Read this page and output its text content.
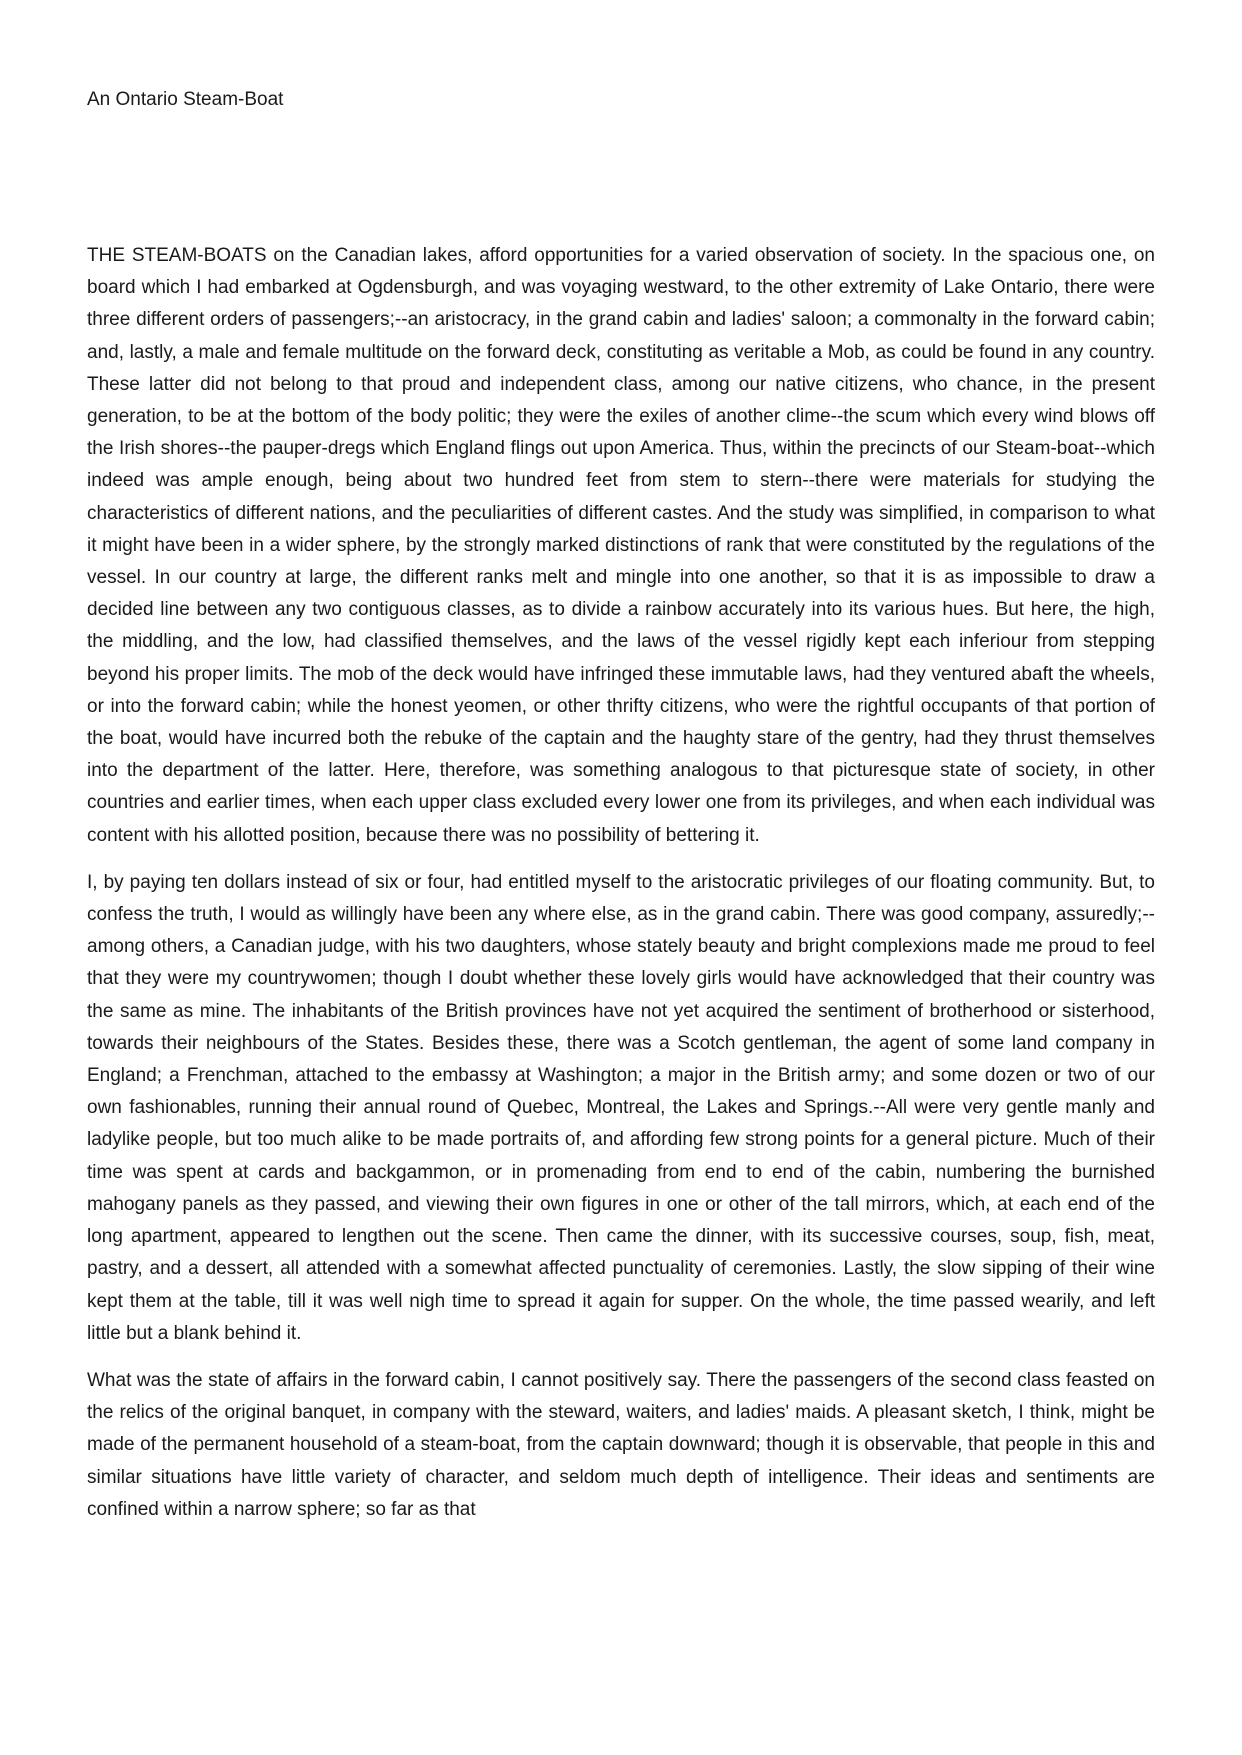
An Ontario Steam-Boat

THE STEAM-BOATS on the Canadian lakes, afford opportunities for a varied observation of society. In the spacious one, on board which I had embarked at Ogdensburgh, and was voyaging westward, to the other extremity of Lake Ontario, there were three different orders of passengers;--an aristocracy, in the grand cabin and ladies' saloon; a commonalty in the forward cabin; and, lastly, a male and female multitude on the forward deck, constituting as veritable a Mob, as could be found in any country. These latter did not belong to that proud and independent class, among our native citizens, who chance, in the present generation, to be at the bottom of the body politic; they were the exiles of another clime--the scum which every wind blows off the Irish shores--the pauper-dregs which England flings out upon America. Thus, within the precincts of our Steam-boat--which indeed was ample enough, being about two hundred feet from stem to stern--there were materials for studying the characteristics of different nations, and the peculiarities of different castes. And the study was simplified, in comparison to what it might have been in a wider sphere, by the strongly marked distinctions of rank that were constituted by the regulations of the vessel. In our country at large, the different ranks melt and mingle into one another, so that it is as impossible to draw a decided line between any two contiguous classes, as to divide a rainbow accurately into its various hues. But here, the high, the middling, and the low, had classified themselves, and the laws of the vessel rigidly kept each inferiour from stepping beyond his proper limits. The mob of the deck would have infringed these immutable laws, had they ventured abaft the wheels, or into the forward cabin; while the honest yeomen, or other thrifty citizens, who were the rightful occupants of that portion of the boat, would have incurred both the rebuke of the captain and the haughty stare of the gentry, had they thrust themselves into the department of the latter. Here, therefore, was something analogous to that picturesque state of society, in other countries and earlier times, when each upper class excluded every lower one from its privileges, and when each individual was content with his allotted position, because there was no possibility of bettering it.

I, by paying ten dollars instead of six or four, had entitled myself to the aristocratic privileges of our floating community. But, to confess the truth, I would as willingly have been any where else, as in the grand cabin. There was good company, assuredly;--among others, a Canadian judge, with his two daughters, whose stately beauty and bright complexions made me proud to feel that they were my countrywomen; though I doubt whether these lovely girls would have acknowledged that their country was the same as mine. The inhabitants of the British provinces have not yet acquired the sentiment of brotherhood or sisterhood, towards their neighbours of the States. Besides these, there was a Scotch gentleman, the agent of some land company in England; a Frenchman, attached to the embassy at Washington; a major in the British army; and some dozen or two of our own fashionables, running their annual round of Quebec, Montreal, the Lakes and Springs.--All were very gentle manly and ladylike people, but too much alike to be made portraits of, and affording few strong points for a general picture. Much of their time was spent at cards and backgammon, or in promenading from end to end of the cabin, numbering the burnished mahogany panels as they passed, and viewing their own figures in one or other of the tall mirrors, which, at each end of the long apartment, appeared to lengthen out the scene. Then came the dinner, with its successive courses, soup, fish, meat, pastry, and a dessert, all attended with a somewhat affected punctuality of ceremonies. Lastly, the slow sipping of their wine kept them at the table, till it was well nigh time to spread it again for supper. On the whole, the time passed wearily, and left little but a blank behind it.

What was the state of affairs in the forward cabin, I cannot positively say. There the passengers of the second class feasted on the relics of the original banquet, in company with the steward, waiters, and ladies' maids. A pleasant sketch, I think, might be made of the permanent household of a steam-boat, from the captain downward; though it is observable, that people in this and similar situations have little variety of character, and seldom much depth of intelligence. Their ideas and sentiments are confined within a narrow sphere; so far as that
